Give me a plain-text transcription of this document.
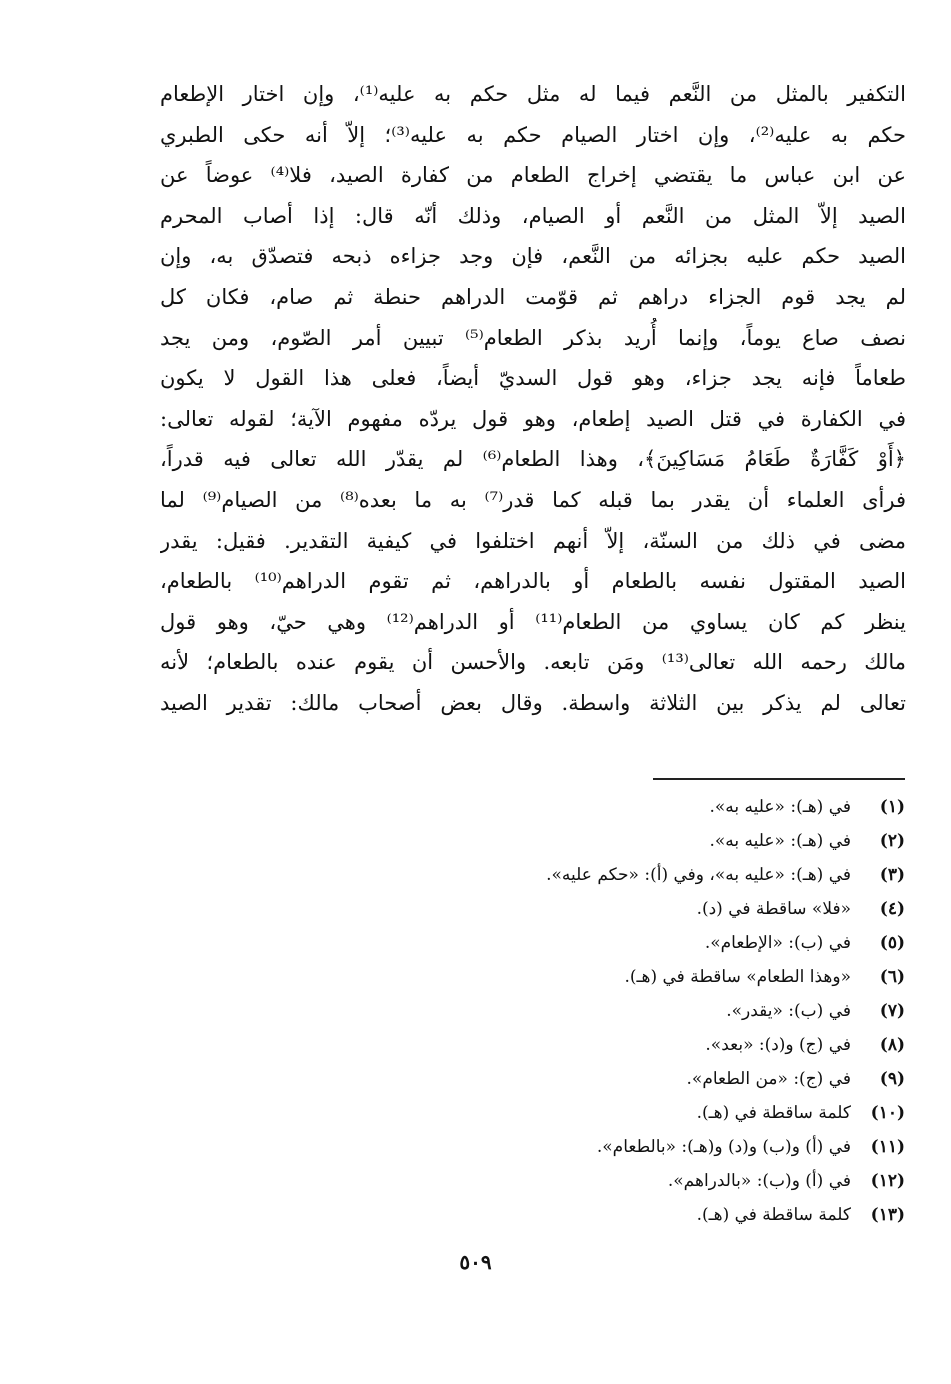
التكفير بالمثل من النَّعم فيما له مثل حكم به عليه⁽¹⁾، وإن اختار الإطعام
حكم به عليه⁽²⁾، وإن اختار الصيام حكم به عليه⁽³⁾؛ إلاّ أنه حكى الطبري
عن ابن عباس ما يقتضي إخراج الطعام من كفارة الصيد، فلا⁽⁴⁾ عوضاً عن
الصيد إلاّ المثل من النَّعم أو الصيام، وذلك أنّه قال: إذا أصاب المحرم
الصيد حكم عليه بجزائه من النَّعم، فإن وجد جزاءه ذبحه فتصدّق به، وإن
لم يجد قوم الجزاء دراهم ثم قوّمت الدراهم حنطة ثم صام، فكان كل
نصف صاع يوماً، وإنما أُريد بذكر الطعام⁽⁵⁾ تبيين أمر الصّوم، ومن يجد
طعاماً فإنه يجد جزاء، وهو قول السديّ أيضاً، فعلى هذا القول لا يكون
في الكفارة في قتل الصيد إطعام، وهو قول يردّه مفهوم الآية؛ لقوله تعالى:
﴿أَوْ كَفَّارَةٌ طَعَامُ مَسَاكِينَ﴾، وهذا الطعام⁽⁶⁾ لم يقدّر الله تعالى فيه قدراً،
فرأى العلماء أن يقدر بما قبله كما قدر⁽⁷⁾ به ما بعده⁽⁸⁾ من الصيام⁽⁹⁾ لما
مضى في ذلك من السنّة، إلاّ أنهم اختلفوا في كيفية التقدير. فقيل: يقدر
الصيد المقتول نفسه بالطعام أو بالدراهم، ثم تقوم الدراهم⁽¹⁰⁾ بالطعام،
ينظر كم كان يساوي من الطعام⁽¹¹⁾ أو الدراهم⁽¹²⁾ وهي حيّ، وهو قول
مالك رحمه الله تعالى⁽¹³⁾ ومَن تابعه. والأحسن أن يقوم عنده بالطعام؛ لأنه
تعالى لم يذكر بين الثلاثة واسطة. وقال بعض أصحاب مالك: تقدير الصيد
(١)في (هـ): «عليه به».
(٢)في (هـ): «عليه به».
(٣)في (هـ): «عليه به»، وفي (أ): «حكم عليه».
(٤)«فلا» ساقطة في (د).
(٥)في (ب): «الإطعام».
(٦)«وهذا الطعام» ساقطة في (هـ).
(٧)في (ب): «يقدر».
(٨)في (ج) و(د): «بعد».
(٩)في (ج): «من الطعام».
(١٠)كلمة ساقطة في (هـ).
(١١)في (أ) و(ب) و(د) و(هـ): «بالطعام».
(١٢)في (أ) و(ب): «بالدراهم».
(١٣)كلمة ساقطة في (هـ).
٥٠٩
